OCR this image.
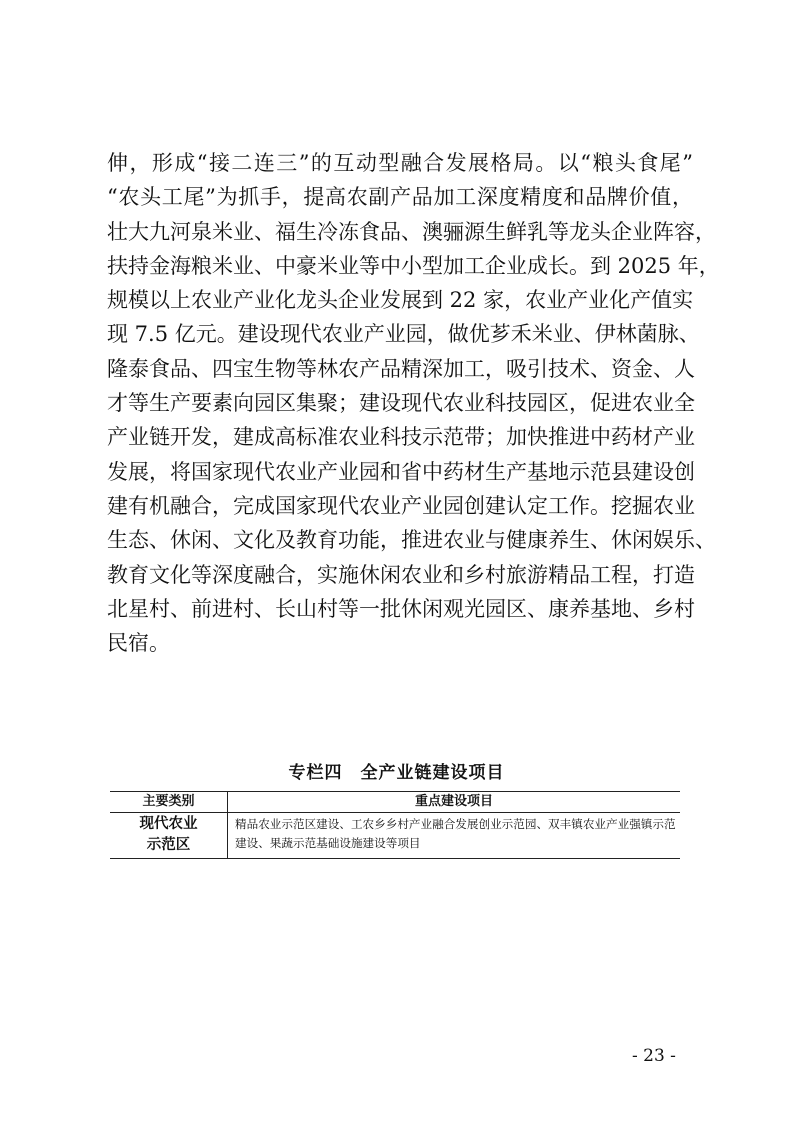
伸，形成“接二连三”的互动型融合发展格局。以“粮头食尾”
“农头工尾”为抓手，提高农副产品加工深度精度和品牌价值，
壮大九河泉米业、福生冷冻食品、澳骊源生鲜乳等龙头企业阵容，
扶持金海粮米业、中豪米业等中小型加工企业成长。到 2025 年，
规模以上农业产业化龙头企业发展到 22 家，农业产业化产值实
现 7.5 亿元。建设现代农业产业园，做优芗禾米业、伊林菌脉、
隆泰食品、四宝生物等林农产品精深加工，吸引技术、资金、人
才等生产要素向园区集聚；建设现代农业科技园区，促进农业全
产业链开发，建成高标准农业科技示范带；加快推进中药材产业
发展，将国家现代农业产业园和省中药材生产基地示范县建设创
建有机融合，完成国家现代农业产业园创建认定工作。挖掘农业
生态、休闲、文化及教育功能，推进农业与健康养生、休闲娱乐、
教育文化等深度融合，实施休闲农业和乡村旅游精品工程，打造
北星村、前进村、长山村等一批休闲观光园区、康养基地、乡村
民宿。
专栏四　全产业链建设项目
主要类别	重点建设项目

现代农业
示范区	精品农业示范区建设、工农乡乡村产业融合发展创业示范园、双丰镇农业产业强镇示范建设、果蔬示范基础设施建设等项目
- 23 -
